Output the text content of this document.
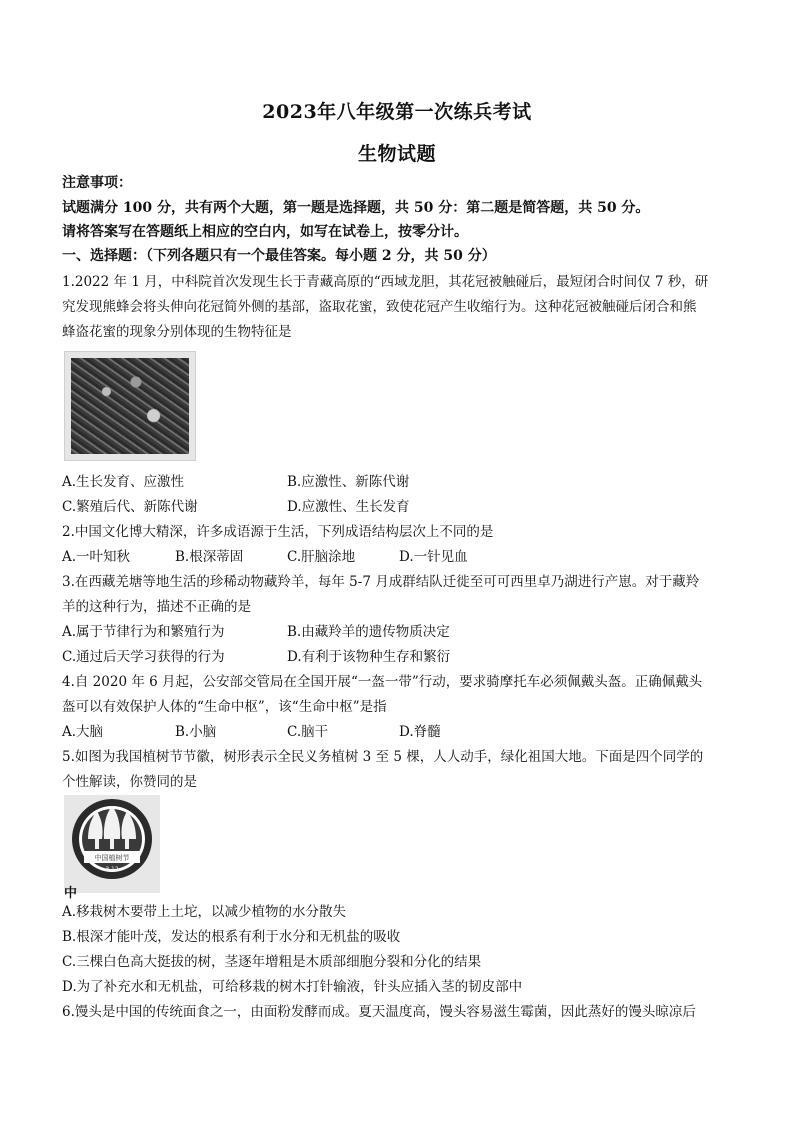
2023年八年级第一次练兵考试
生物试题
注意事项：
试题满分 100 分，共有两个大题，第一题是选择题，共 50 分：第二题是简答题，共 50 分。
请将答案写在答题纸上相应的空白内，如写在试卷上，按零分计。
一、选择题：（下列各题只有一个最佳答案。每小题 2 分，共 50 分）
1.2022 年 1 月，中科院首次发现生长于青藏高原的“西域龙胆，其花冠被触碰后，最短闭合时间仅 7 秒，研
究发现熊蜂会将头伸向花冠简外侧的基部，盗取花蜜，致使花冠产生收缩行为。这种花冠被触碰后闭合和熊
蜂盗花蜜的现象分别体现的生物特征是
A.生长发育、应激性	B.应激性、新陈代谢
C.繁殖后代、新陈代谢	D.应激性、生长发育
2.中国文化博大精深，许多成语源于生活，下列成语结构层次上不同的是
A.一叶知秋	B.根深蒂固	C.肝脑涂地	D.一针见血
3.在西藏羌塘等地生活的珍稀动物藏羚羊，每年 5-7 月成群结队迁徙至可可西里卓乃湖进行产崽。对于藏羚
羊的这种行为，描述不正确的是
A.属于节律行为和繁殖行为	B.由藏羚羊的遗传物质决定
C.通过后天学习获得的行为	D.有利于该物种生存和繁衍
4.自 2020 年 6 月起，公安部交管局在全国开展“一盔一带”行动，要求骑摩托车必须佩戴头盔。正确佩戴头
盔可以有效保护人体的“生命中枢”，该“生命中枢”是指
A.大脑	B.小脑	C.脑干	D.脊髓
5.如图为我国植树节节徽，树形表示全民义务植树 3 至 5 棵，人人动手，绿化祖国大地。下面是四个同学的
个性解读，你赞同的是
中国植树节
3.12
中
A.移栽树木要带上土坨，以减少植物的水分散失
B.根深才能叶茂，发达的根系有利于水分和无机盐的吸收
C.三棵白色高大挺拔的树，茎逐年增粗是木质部细胞分裂和分化的结果
D.为了补充水和无机盐，可给移栽的树木打针输液，针头应插入茎的韧皮部中
6.馒头是中国的传统面食之一，由面粉发酵而成。夏天温度高，馒头容易滋生霉菌，因此蒸好的馒头晾凉后
